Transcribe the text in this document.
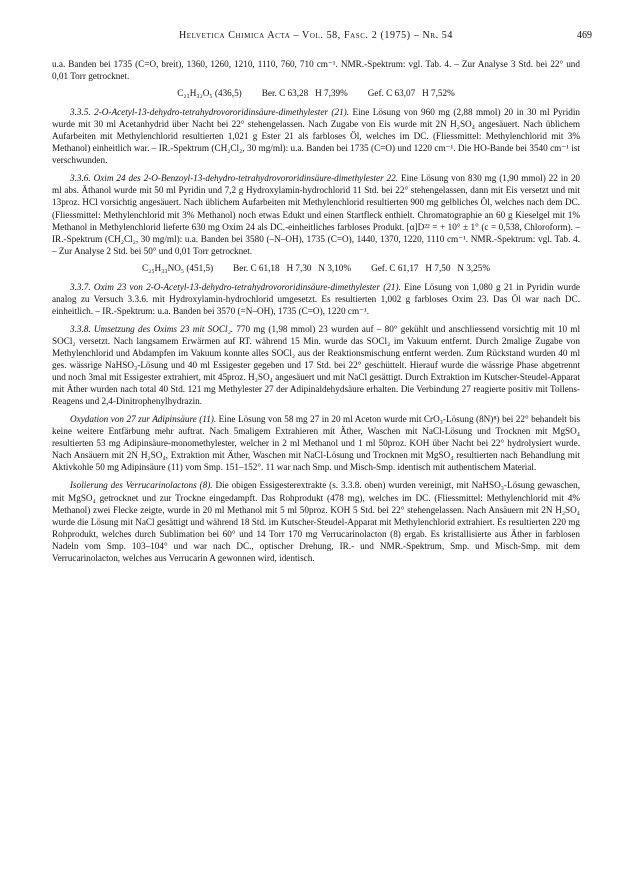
Helvetica Chimica Acta – Vol. 58, Fasc. 2 (1975) – Nr. 54	469

u.a. Banden bei 1735 (C=O, breit), 1360, 1260, 1210, 1110, 760, 710 cm⁻¹. NMR.-Spektrum: vgl. Tab. 4. – Zur Analyse 3 Std. bei 22° und 0,01 Torr getrocknet.

C₂₃H₃₂O₅ (436,5) Ber. C 63,28   H 7,39% Gef. C 63,07   H 7,52%

3.3.5. 2-O-Acetyl-13-dehydro-tetrahydrovororidinsäure-dimethylester (21). Eine Lösung von 960 mg (2,88 mmol) 20 in 30 ml Pyridin wurde mit 30 ml Acetanhydrid über Nacht bei 22° stehengelassen. Nach Zugabe von Eis wurde mit 2N H₂SO₄ angesäuert. Nach üblichem Aufarbeiten mit Methylenchlorid resultierten 1,021 g Ester 21 als farbloses Öl, welches im DC. (Fliessmittel: Methylenchlorid mit 3% Methanol) einheitlich war. – IR.-Spektrum (CH₂Cl₂, 30 mg/ml): u.a. Banden bei 1735 (C=O) und 1220 cm⁻¹. Die HO-Bande bei 3540 cm⁻¹ ist verschwunden.

3.3.6. Oxim 24 des 2-O-Benzoyl-13-dehydro-tetrahydrovororidinsäure-dimethylester 22. Eine Lösung von 830 mg (1,90 mmol) 22 in 20 ml abs. Äthanol wurde mit 50 ml Pyridin und 7,2 g Hydroxylamin-hydrochlorid 11 Std. bei 22° stehengelassen, dann mit Eis versetzt und mit 13proz. HCl vorsichtig angesäuert. Nach üblichem Aufarbeiten mit Methylenchlorid resultierten 900 mg gelbliches Öl, welches nach dem DC. (Fliessmittel: Methylenchlorid mit 3% Methanol) noch etwas Edukt und einen Startfleck enthielt. Chromatographie an 60 g Kieselgel mit 1% Methanol in Methylenchlorid lieferte 630 mg Oxim 24 als DC.-einheitliches farbloses Produkt. [α]D²² = + 10° ± 1° (c = 0,538, Chloroform). – IR.-Spektrum (CH₂Cl₂, 30 mg/ml): u.a. Banden bei 3580 (–N–OH), 1735 (C=O), 1440, 1370, 1220, 1110 cm⁻¹. NMR.-Spektrum: vgl. Tab. 4. – Zur Analyse 2 Std. bei 50° und 0,01 Torr getrocknet.

C₂₅H₃₃NO₅ (451,5) Ber. C 61,18   H 7,30   N 3,10% Gef. C 61,17   H 7,50   N 3,25%

3.3.7. Oxim 23 von 2-O-Acetyl-13-dehydro-tetrahydrovororidinsäure-dimethylester (21). Eine Lösung von 1,080 g 21 in Pyridin wurde analog zu Versuch 3.3.6. mit Hydroxylamin-hydrochlorid umgesetzt. Es resultierten 1,002 g farbloses Oxim 23. Das Öl war nach DC. einheitlich. – IR.-Spektrum: u.a. Banden bei 3570 (=N–OH), 1735 (C=O), 1220 cm⁻¹.

3.3.8. Umsetzung des Oxims 23 mit SOCl₂. 770 mg (1,98 mmol) 23 wurden auf – 80° gekühlt und anschliessend vorsichtig mit 10 ml SOCl₂ versetzt. Nach langsamem Erwärmen auf RT. während 15 Min. wurde das SOCl₂ im Vakuum entfernt. Durch 2malige Zugabe von Methylenchlorid und Abdampfen im Vakuum konnte alles SOCl₂ aus der Reaktionsmischung entfernt werden. Zum Rückstand wurden 40 ml ges. wässrige NaHSO₃-Lösung und 40 ml Essigester gegeben und 17 Std. bei 22° geschüttelt. Hierauf wurde die wässrige Phase abgetrennt und noch 3mal mit Essigester extrahiert, mit 45proz. H₂SO₄ angesäuert und mit NaCl gesättigt. Durch Extraktion im Kutscher-Steudel-Apparat mit Äther wurden nach total 40 Std. 121 mg Methylester 27 der Adipinaldehydsäure erhalten. Die Verbindung 27 reagierte positiv mit Tollens-Reagens und 2,4-Dinitrophenylhydrazin.

Oxydation von 27 zur Adipinsäure (11). Eine Lösung von 58 mg 27 in 20 ml Aceton wurde mit CrO₃-Lösung (8N)⁸) bei 22° behandelt bis keine weitere Entfärbung mehr auftrat. Nach 5maligem Extrahieren mit Äther, Waschen mit NaCl-Lösung und Trocknen mit MgSO₄ resultierten 53 mg Adipinsäure-monomethylester, welcher in 2 ml Methanol und 1 ml 50proz. KOH über Nacht bei 22° hydrolysiert wurde. Nach Ansäuern mit 2N H₂SO₄, Extraktion mit Äther, Waschen mit NaCl-Lösung und Trocknen mit MgSO₄ resultierten nach Behandlung mit Aktivkohle 50 mg Adipinsäure (11) vom Smp. 151–152°. 11 war nach Smp. und Misch-Smp. identisch mit authentischem Material.

Isolierung des Verrucarinolactons (8). Die obigen Essigesterextrakte (s. 3.3.8. oben) wurden vereinigt, mit NaHSO₃-Lösung gewaschen, mit MgSO₄ getrocknet und zur Trockne eingedampft. Das Rohprodukt (478 mg), welches im DC. (Fliessmittel: Methylenchlorid mit 4% Methanol) zwei Flecke zeigte, wurde in 20 ml Methanol mit 5 ml 50proz. KOH 5 Std. bei 22° stehengelassen. Nach Ansäuern mit 2N H₂SO₄ wurde die Lösung mit NaCl gesättigt und während 18 Std. im Kutscher-Steudel-Apparat mit Methylenchlorid extrahiert. Es resultierten 220 mg Rohprodukt, welches durch Sublimation bei 60° und 14 Torr 170 mg Verrucarinolacton (8) ergab. Es kristallisierte aus Äther in farblosen Nadeln vom Smp. 103–104° und war nach DC., optischer Drehung, IR.- und NMR.-Spektrum, Smp. und Misch-Smp. mit dem Verrucarinolacton, welches aus Verrucarin A gewonnen wird, identisch.
